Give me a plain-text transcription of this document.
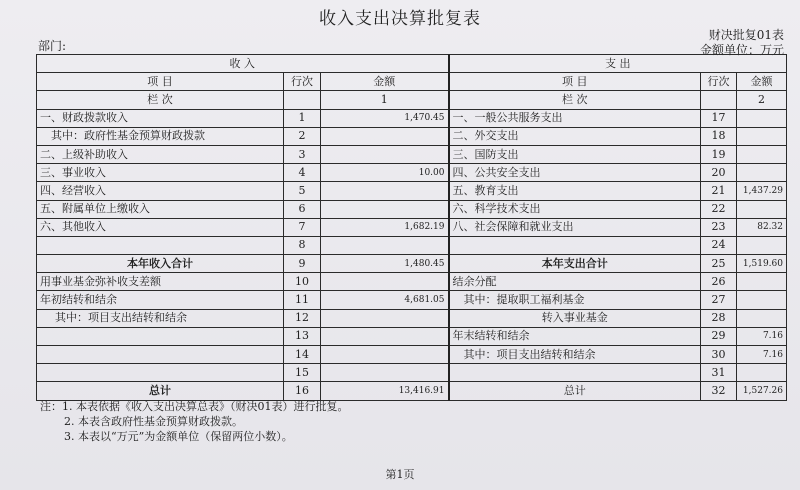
收入支出决算批复表
财决批复01表
部门:	金额单位：万元
收 入			支 出		
项 目	行次	金额	项 目	行次	金额
栏 次		1	栏 次		2
一、财政拨款收入	1	1,470.45	一、一般公共服务支出	17	
其中：政府性基金预算财政拨款	2		二、外交支出	18	
二、上级补助收入	3		三、国防支出	19	
三、事业收入	4	10.00	四、公共安全支出	20	
四、经营收入	5		五、教育支出	21	1,437.29
五、附属单位上缴收入	6		六、科学技术支出	22	
六、其他收入	7	1,682.19	八、社会保障和就业支出	23	82.32
	8			24	
本年收入合计	9	1,480.45	本年支出合计	25	1,519.60
用事业基金弥补收支差额	10		结余分配	26	
年初结转和结余	11	4,681.05	其中：提取职工福利基金	27	
其中：项目支出结转和结余	12		转入事业基金	28	
	13		年末结转和结余	29	7.16
	14		其中：项目支出结转和结余	30	7.16
	15			31	
总计	16	13,416.91	总计	32	1,527.26
注：1. 本表依据《收入支出决算总表》（财决01表）进行批复。
2. 本表含政府性基金预算财政拨款。
3. 本表以“万元”为金额单位（保留两位小数）。
第1页
